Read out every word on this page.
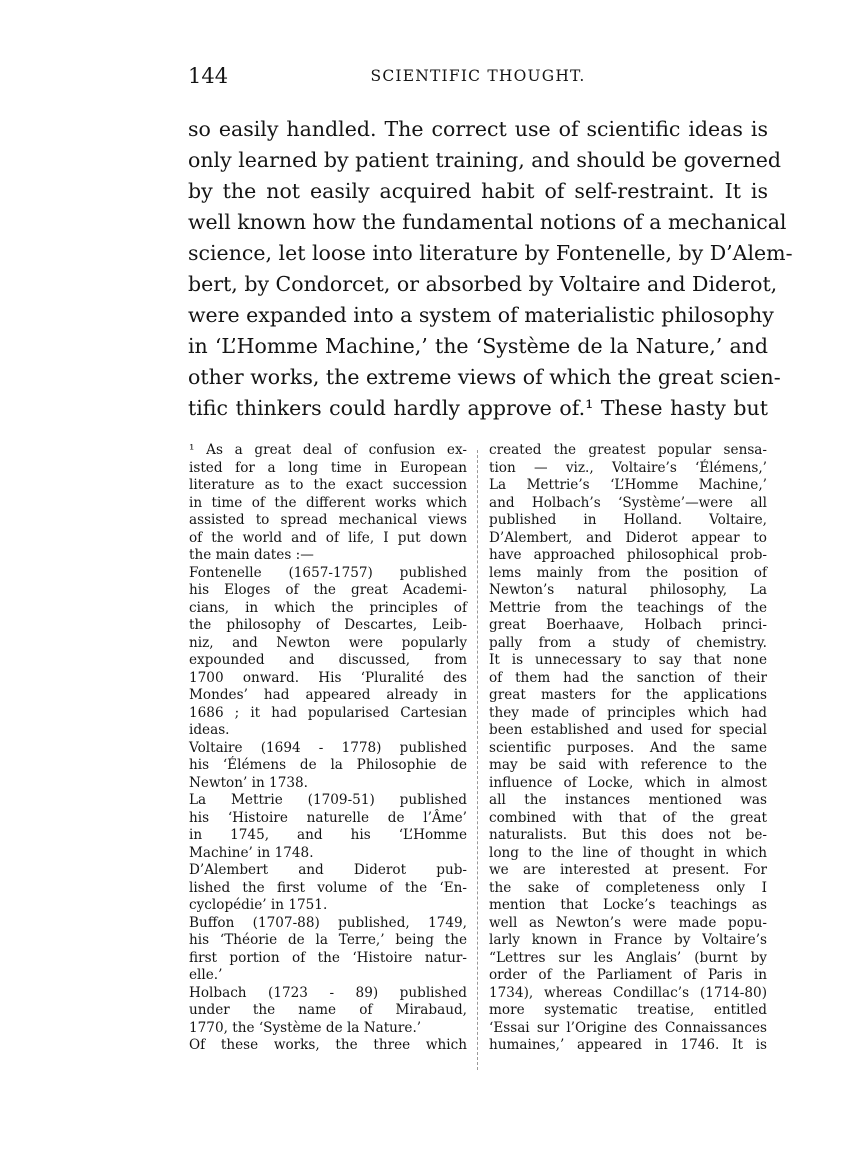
144	SCIENTIFIC THOUGHT.
so easily handled. The correct use of scientific ideas is
only learned by patient training, and should be governed
by the not easily acquired habit of self-restraint. It is
well known how the fundamental notions of a mechanical
science, let loose into literature by Fontenelle, by D’Alem-
bert, by Condorcet, or absorbed by Voltaire and Diderot,
were expanded into a system of materialistic philosophy
in ‘L’Homme Machine,’ the ‘Système de la Nature,’ and
other works, the extreme views of which the great scien-
tific thinkers could hardly approve of.¹ These hasty but
¹ As a great deal of confusion ex-
isted for a long time in European
literature as to the exact succession
in time of the different works which
assisted to spread mechanical views
of the world and of life, I put down
the main dates :—
Fontenelle (1657-1757) published
his Eloges of the great Academi-
cians, in which the principles of
the philosophy of Descartes, Leib-
niz, and Newton were popularly
expounded and discussed, from
1700 onward. His ‘Pluralité des
Mondes’ had appeared already in
1686 ; it had popularised Cartesian
ideas.
Voltaire (1694 - 1778) published
his ‘Élémens de la Philosophie de
Newton’ in 1738.
La Mettrie (1709-51) published
his ‘Histoire naturelle de l’Âme’
in 1745, and his ‘L’Homme
Machine’ in 1748.
D’Alembert and Diderot pub-
lished the first volume of the ‘En-
cyclopédie’ in 1751.
Buffon (1707-88) published, 1749,
his ‘Théorie de la Terre,’ being the
first portion of the ‘Histoire natur-
elle.’
Holbach (1723 - 89) published
under the name of Mirabaud,
1770, the ‘Système de la Nature.’
Of these works, the three which
created the greatest popular sensa-
tion — viz., Voltaire’s ‘Élémens,’
La Mettrie’s ‘L’Homme Machine,’
and Holbach’s ‘Système’—were all
published in Holland. Voltaire,
D’Alembert, and Diderot appear to
have approached philosophical prob-
lems mainly from the position of
Newton’s natural philosophy, La
Mettrie from the teachings of the
great Boerhaave, Holbach princi-
pally from a study of chemistry.
It is unnecessary to say that none
of them had the sanction of their
great masters for the applications
they made of principles which had
been established and used for special
scientific purposes. And the same
may be said with reference to the
influence of Locke, which in almost
all the instances mentioned was
combined with that of the great
naturalists. But this does not be-
long to the line of thought in which
we are interested at present. For
the sake of completeness only I
mention that Locke’s teachings as
well as Newton’s were made popu-
larly known in France by Voltaire’s
“Lettres sur les Anglais’ (burnt by
order of the Parliament of Paris in
1734), whereas Condillac’s (1714-80)
more systematic treatise, entitled
‘Essai sur l’Origine des Connaissances
humaines,’ appeared in 1746. It is
